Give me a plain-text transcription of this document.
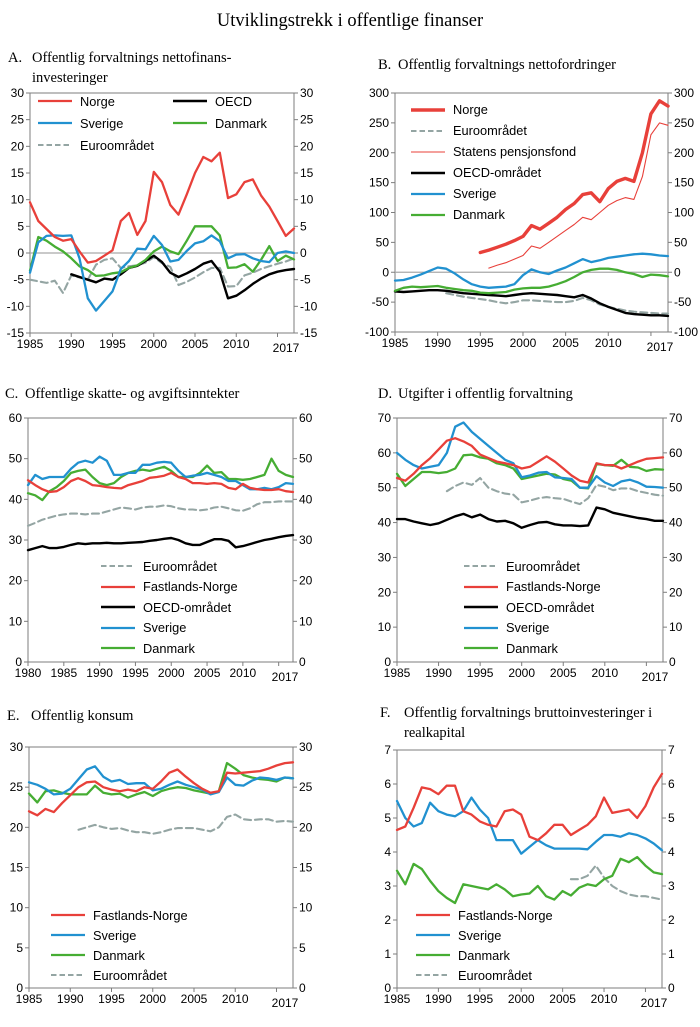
Utviklingstrekk i offentlige finanser
-15	-15
-10	-10
-5	-5
0	0
5	5
10	10
15	15
20	20
25	25
30	30
1985 1990 1995 2000 2005 2010 2017
A. Offentlig forvaltnings nettofinans-
investeringer
Norge	OECD
Sverige	Danmark
Euroområdet
-100	-100
-50	-50
0	0
50	50
100	100
150	150
200	200
250	250
300	300
1985 1990 1995 2000 2005 2010 2017
B. Offentlig forvaltnings nettofordringer
Norge
Euroområdet
Statens pensjonsfond
OECD-området
Sverige
Danmark
0	0
10	10
20	20
30	30
40	40
50	50
60	60
1980 1985 1990 1995 2000 2005 2010 2017
C. Offentlige skatte- og avgiftsinntekter
Euroområdet
Fastlands-Norge
OECD-området
Sverige
Danmark
0	0
10	10
20	20
30	30
40	40
50	50
60	60
70	70
1985 1990 1995 2000 2005 2010 2017
D. Utgifter i offentlig forvaltning
Euroområdet
Fastlands-Norge
OECD-området
Sverige
Danmark
0	0
5	5
10	10
15	15
20	20
25	25
30	30
1985 1990 1995 2000 2005 2010 2017
E. Offentlig konsum
Fastlands-Norge
Sverige
Danmark
Euroområdet
0	0
1	1
2	2
3	3
4	4
5	5
6	6
7	7
1985 1990 1995 2000 2005 2010 2017
F. Offentlig forvaltnings bruttoinvesteringer i
realkapital
Fastlands-Norge
Sverige
Danmark
Euroområdet
